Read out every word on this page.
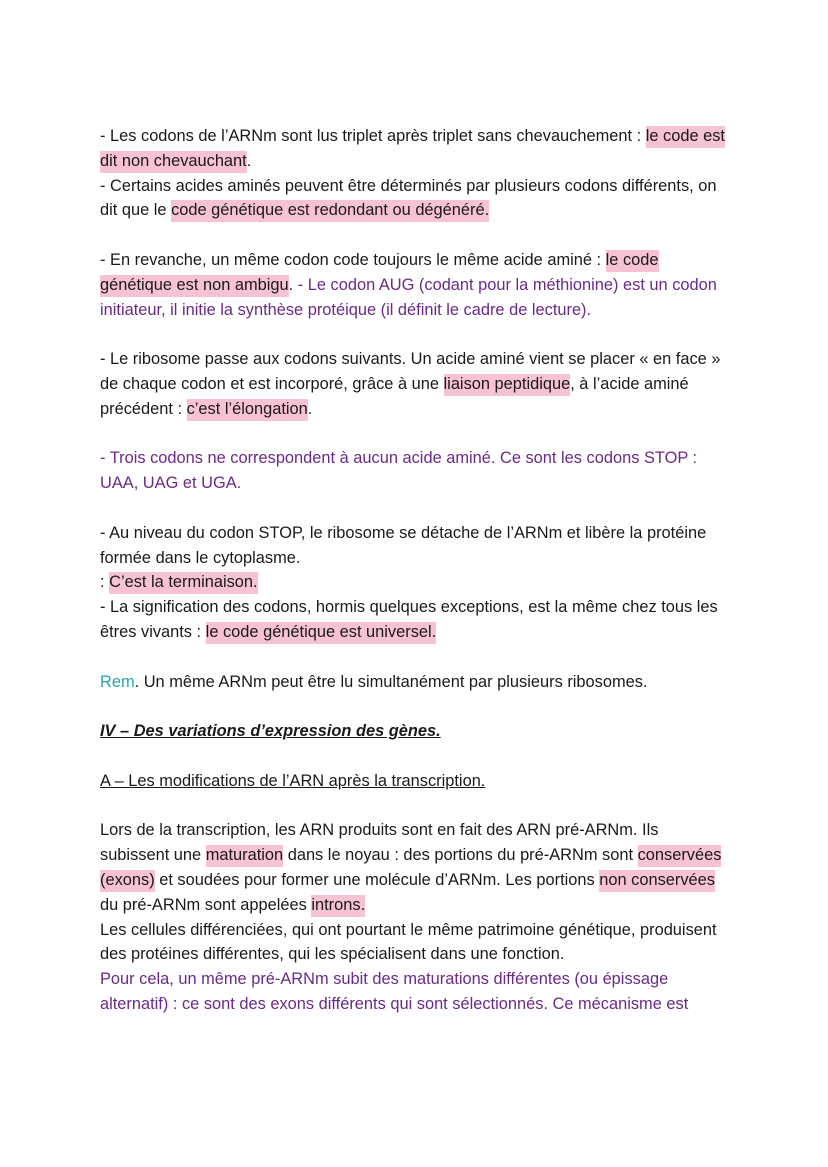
- Les codons de l’ARNm sont lus triplet après triplet sans chevauchement : le code est dit non chevauchant.
- Certains acides aminés peuvent être déterminés par plusieurs codons différents, on dit que le code génétique est redondant ou dégénéré.
- En revanche, un même codon code toujours le même acide aminé : le code génétique est non ambigu. - Le codon AUG (codant pour la méthionine) est un codon initiateur, il initie la synthèse protéique (il définit le cadre de lecture).
- Le ribosome passe aux codons suivants. Un acide aminé vient se placer « en face » de chaque codon et est incorporé, grâce à une liaison peptidique, à l’acide aminé précédent : c’est l’élongation.
- Trois codons ne correspondent à aucun acide aminé. Ce sont les codons STOP : UAA, UAG et UGA.
- Au niveau du codon STOP, le ribosome se détache de l’ARNm et libère la protéine formée dans le cytoplasme.
: C’est la terminaison.
- La signification des codons, hormis quelques exceptions, est la même chez tous les êtres vivants : le code génétique est universel.
Rem. Un même ARNm peut être lu simultanément par plusieurs ribosomes.
IV – Des variations d’expression des gènes.
A – Les modifications de l’ARN après la transcription.
Lors de la transcription, les ARN produits sont en fait des ARN pré-ARNm. Ils subissent une maturation dans le noyau : des portions du pré-ARNm sont conservées (exons) et soudées pour former une molécule d’ARNm. Les portions non conservées du pré-ARNm sont appelées introns.
Les cellules différenciées, qui ont pourtant le même patrimoine génétique, produisent des protéines différentes, qui les spécialisent dans une fonction.
Pour cela, un même pré-ARNm subit des maturations différentes (ou épissage alternatif) : ce sont des exons différents qui sont sélectionnés. Ce mécanisme est
